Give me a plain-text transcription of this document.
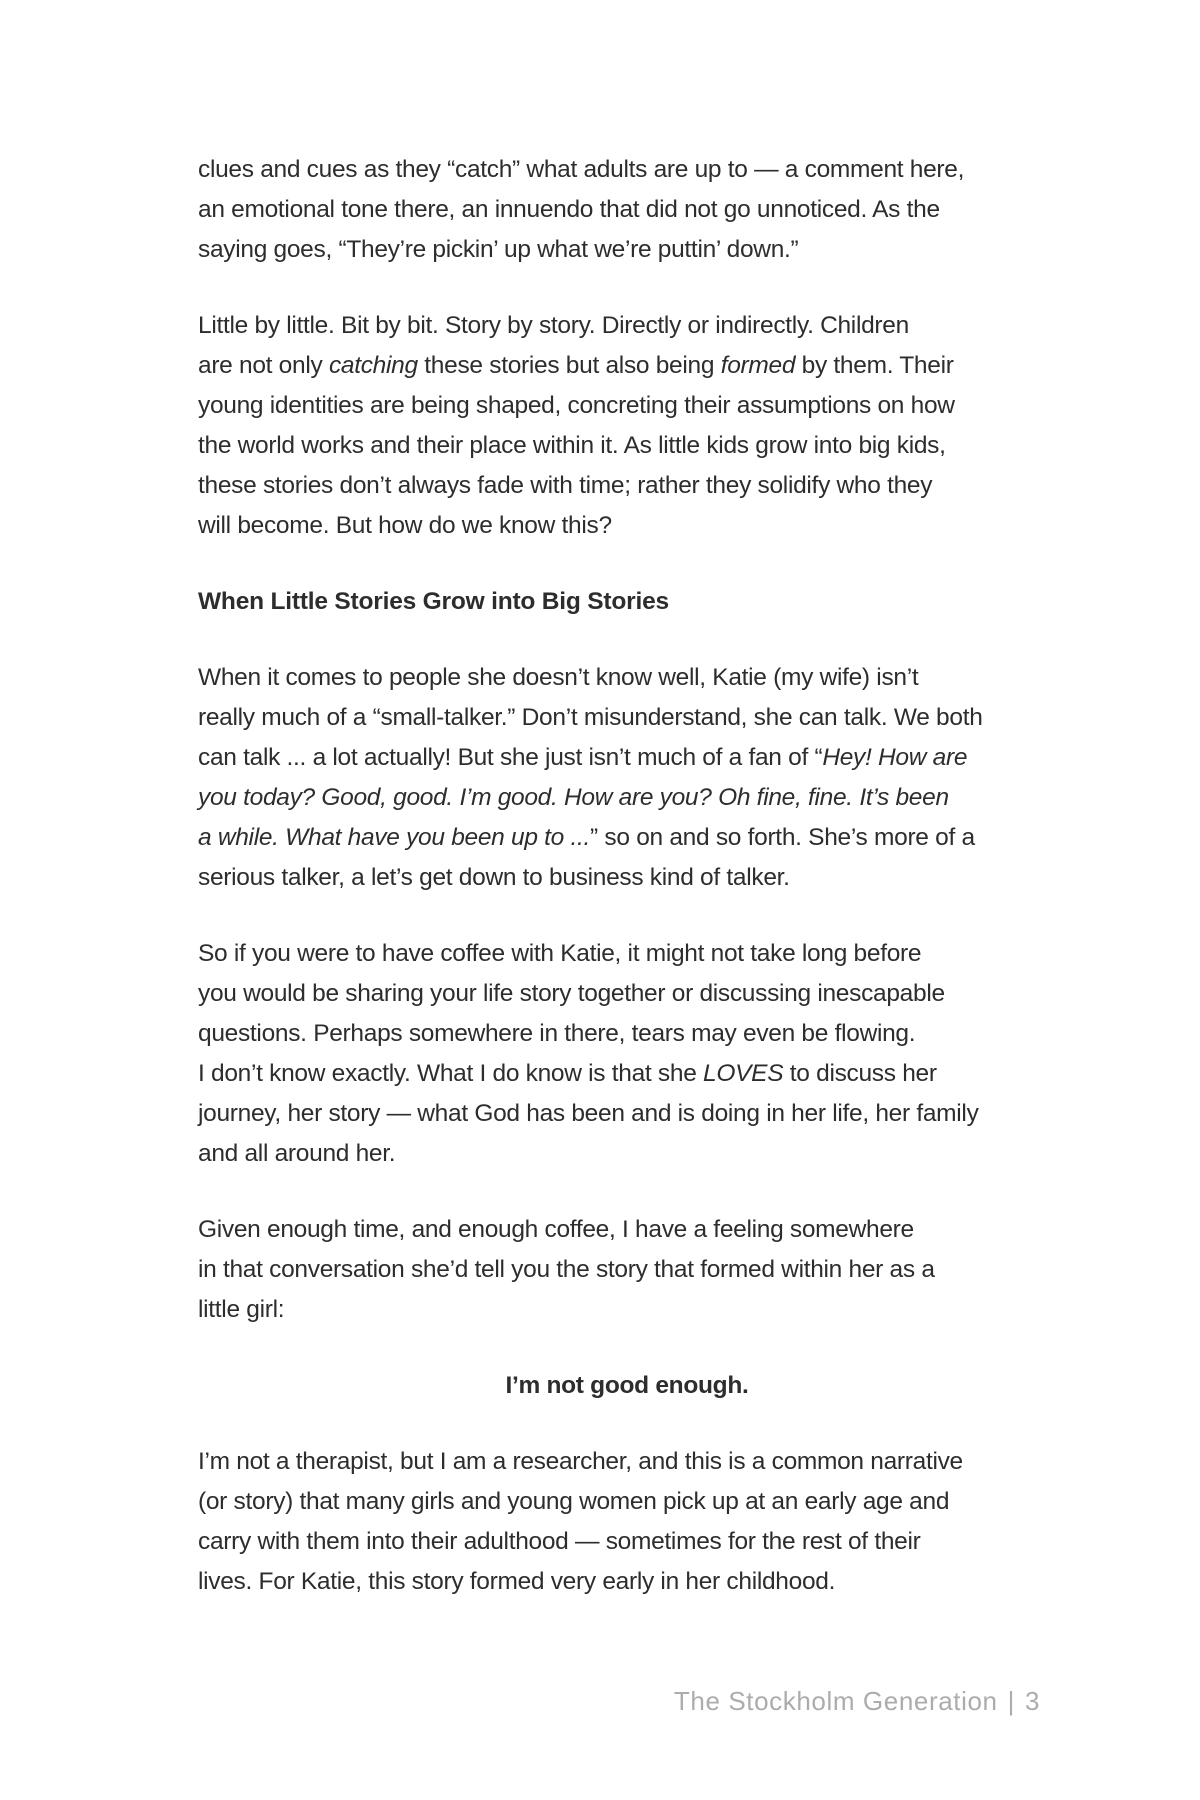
clues and cues as they “catch” what adults are up to — a comment here,
an emotional tone there, an innuendo that did not go unnoticed. As the
saying goes, “They’re pickin’ up what we’re puttin’ down.”

Little by little. Bit by bit. Story by story. Directly or indirectly. Children
are not only catching these stories but also being formed by them. Their
young identities are being shaped, concreting their assumptions on how
the world works and their place within it. As little kids grow into big kids,
these stories don’t always fade with time; rather they solidify who they
will become. But how do we know this?

When Little Stories Grow into Big Stories

When it comes to people she doesn’t know well, Katie (my wife) isn’t
really much of a “small-talker.” Don’t misunderstand, she can talk. We both
can talk ... a lot actually! But she just isn’t much of a fan of “Hey! How are
you today? Good, good. I’m good. How are you? Oh fine, fine. It’s been
a while. What have you been up to ...” so on and so forth. She’s more of a
serious talker, a let’s get down to business kind of talker.

So if you were to have coffee with Katie, it might not take long before
you would be sharing your life story together or discussing inescapable
questions. Perhaps somewhere in there, tears may even be flowing.
I don’t know exactly. What I do know is that she LOVES to discuss her
journey, her story — what God has been and is doing in her life, her family
and all around her.

Given enough time, and enough coffee, I have a feeling somewhere
in that conversation she’d tell you the story that formed within her as a
little girl:

I’m not good enough.

I’m not a therapist, but I am a researcher, and this is a common narrative
(or story) that many girls and young women pick up at an early age and
carry with them into their adulthood — sometimes for the rest of their
lives. For Katie, this story formed very early in her childhood.

The Stockholm Generation | 3
